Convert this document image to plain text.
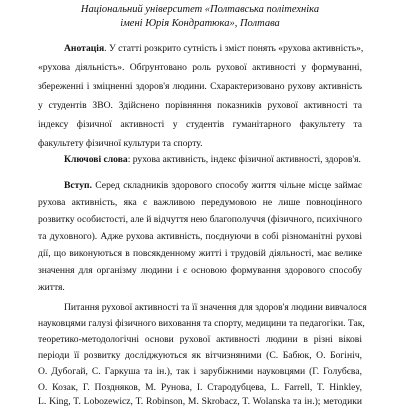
Національний університет «Полтавська політехніка
імені Юрія Кондратюка», Полтава
Анотація. У статті розкрито сутність і зміст понять «рухова активність»,
«рухова діяльність». Обґрунтовано роль рухової активності у формуванні,
збереженні і зміцненні здоров'я людини. Схарактеризовано рухову активність
у студентів ЗВО. Здійснено порівняння показників рухової активності та
індексу фізичної активності у студентів гуманітарного факультету та
факультету фізичної культури та спорту.
Ключові слова: рухова активність, індекс фізичної активності, здоров'я.
Вступ. Серед складників здорового способу життя чільне місце займає
рухова активність, яка є важливою передумовою не лише повноцінного
розвитку особистості, але й відчуття нею благополуччя (фізичного, психічного
та духовного). Адже рухова активність, поєднуючи в собі різноманітні рухові
дії, що виконуються в повсякденному житті і трудовій діяльності, має велике
значення для організму людини і є основою формування здорового способу
життя.
Питання рухової активності та її значення для здоров'я людини вивчалося
науковцями галузі фізичного виховання та спорту, медицини та педагогіки. Так,
теоретико-методологічні основи рухової активності людини в різні вікові
періоди її розвитку досліджуються як вітчизняними (С. Бабюк, О. Богініч,
О. Дубогай, С. Гаркуша та ін.), так і зарубіжними науковцями (Г. Голубєва,
О. Козак, Г. Поздняков, М. Рунова, І. Стародубцева, L. Farrell, T. Hinkley,
L. King, T. Lobozewicz, T. Robinson, M. Skrobacz, T. Wolanska та ін.); методики
